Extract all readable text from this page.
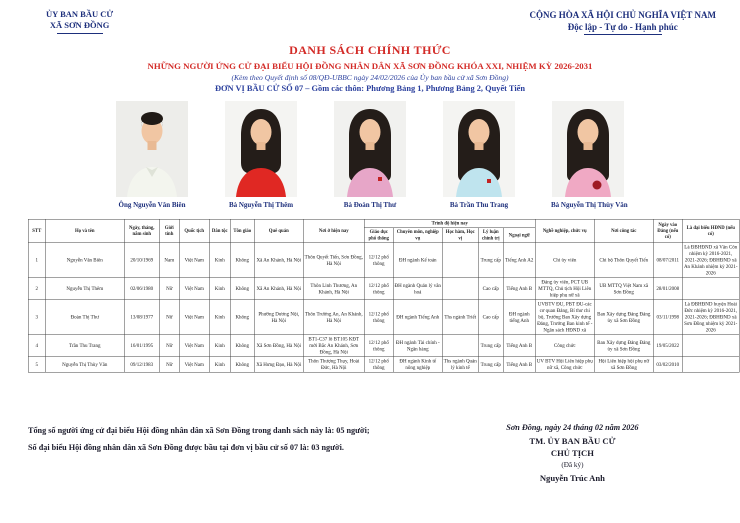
ỦY BAN BẦU CỬ
XÃ SƠN ĐỒNG
CỘNG HÒA XÃ HỘI CHỦ NGHĨA VIỆT NAM
Độc lập - Tự do - Hạnh phúc
DANH SÁCH CHÍNH THỨC
NHỮNG NGƯỜI ỨNG CỬ ĐẠI BIỂU HỘI ĐỒNG NHÂN DÂN XÃ SƠN ĐỒNG KHÓA XXI, NHIỆM KỲ 2026-2031
(Kèm theo Quyết định số 08/QĐ-UBBC ngày 24/02/2026 của Ủy ban bầu cử xã Sơn Đồng)
ĐƠN VỊ BẦU CỬ SỐ 07 – Gồm các thôn: Phương Bảng 1, Phương Bảng 2, Quyết Tiến
Ông Nguyễn Văn Biên	Bà Nguyễn Thị Thêm	Bà Đoàn Thị Thư	Bà Trần Thu Trang	Bà Nguyễn Thị Thùy Vân
STT	Họ và tên	Ngày, tháng, năm sinh	Giới tính	Quốc tịch	Dân tộc	Tôn giáo	Quê quán	Nơi ở hiện nay	Trình độ hiện nay					Nghề nghiệp, chức vụ	Nơi công tác	Ngày vào Đảng (nếu có)	Là đại biểu HĐND (nếu có)
									Giáo dục phổ thông	Chuyên môn, nghiệp vụ	Học hàm, Học vị	Lý luận chính trị	Ngoại ngữ				
1	Nguyễn Văn Biên	20/10/1969	Nam	Việt Nam	Kinh	Không	Xã An Khánh, Hà Nội	Thôn Quyết Tiến, Sơn Đồng, Hà Nội	12/12 phổ thông	ĐH ngành Kế toán		Trung cấp	Tiếng Anh A2	Chi ủy viên	Chi bộ Thôn Quyết Tiến	08/07/2011	Là ĐBHĐND xã Vân Côn nhiệm kỳ 2016-2021, 2021-2026; ĐBHĐND xã An Khánh nhiệm kỳ 2021-2026
2	Nguyễn Thị Thêm	02/06/1980	Nữ	Việt Nam	Kinh	Không	Xã An Khánh, Hà Nội	Thôn Linh Thương, An Khánh, Hà Nội	12/12 phổ thông	ĐH ngành Quản lý văn hoá		Cao cấp	Tiếng Anh B	Đảng ủy viên, PCT UB MTTQ, Chủ tịch Hội Liên hiệp phụ nữ xã	UB MTTQ Việt Nam xã Sơn Đồng	28/01/2008	
3	Đoàn Thị Thư	13/08/1977	Nữ	Việt Nam	Kinh	Không	Phường Dương Nội, Hà Nội	Thôn Trường An, An Khánh, Hà Nội	12/12 phổ thông	ĐH ngành Tiếng Anh	Ths ngành Triết	Cao cấp	ĐH ngành tiếng Anh	UVBTV ĐU, PBT ĐU-các cơ quan Đảng, Bí thư chi bộ, Trưởng Ban Xây dựng Đảng, Trưởng Ban kinh tế - Ngân sách HĐND xã	Ban Xây dựng Đảng Đảng ủy xã Sơn Đồng	03/11/1998	Là ĐBHĐND huyện Hoài Đức nhiệm kỳ 2016-2021, 2021-2026; ĐBHĐND xã Sơn Đồng nhiệm kỳ 2021-2026
4	Trần Thu Trang	16/01/1995	Nữ	Việt Nam	Kinh	Không	Xã Sơn Đồng, Hà Nội	BT1-C37 lô BT105 KĐT mới Bắc An Khánh, Sơn Đồng, Hà Nội	12/12 phổ thông	ĐH ngành Tài chính - Ngân hàng		Trung cấp	Tiếng Anh B	Công chức	Ban Xây dựng Đảng Đảng ủy xã Sơn Đồng	19/05/2022	
5	Nguyễn Thị Thùy Vân	09/12/1983	Nữ	Việt Nam	Kinh	Không	Xã Hưng Đạo, Hà Nội	Thôn Thượng Thụy, Hoài Đức, Hà Nội	12/12 phổ thông	ĐH ngành Kinh tế nông nghiệp	Ths ngành Quản lý kinh tế	Trung cấp	Tiếng Anh B	UV BTV Hội Liên hiệp phụ nữ xã, Công chức	Hội Liên hiệp hội phụ nữ xã Sơn Đồng	03/02/2010	
Tổng số người ứng cử đại biểu Hội đồng nhân dân xã Sơn Đồng trong danh sách này là: 05 người;
Số đại biểu Hội đồng nhân dân xã Sơn Đồng được bầu tại đơn vị bầu cử số 07 là: 03 người.
Sơn Đồng, ngày 24 tháng 02 năm 2026
TM. ỦY BAN BẦU CỬ
CHỦ TỊCH
(Đã ký)
Nguyễn Trúc Anh
